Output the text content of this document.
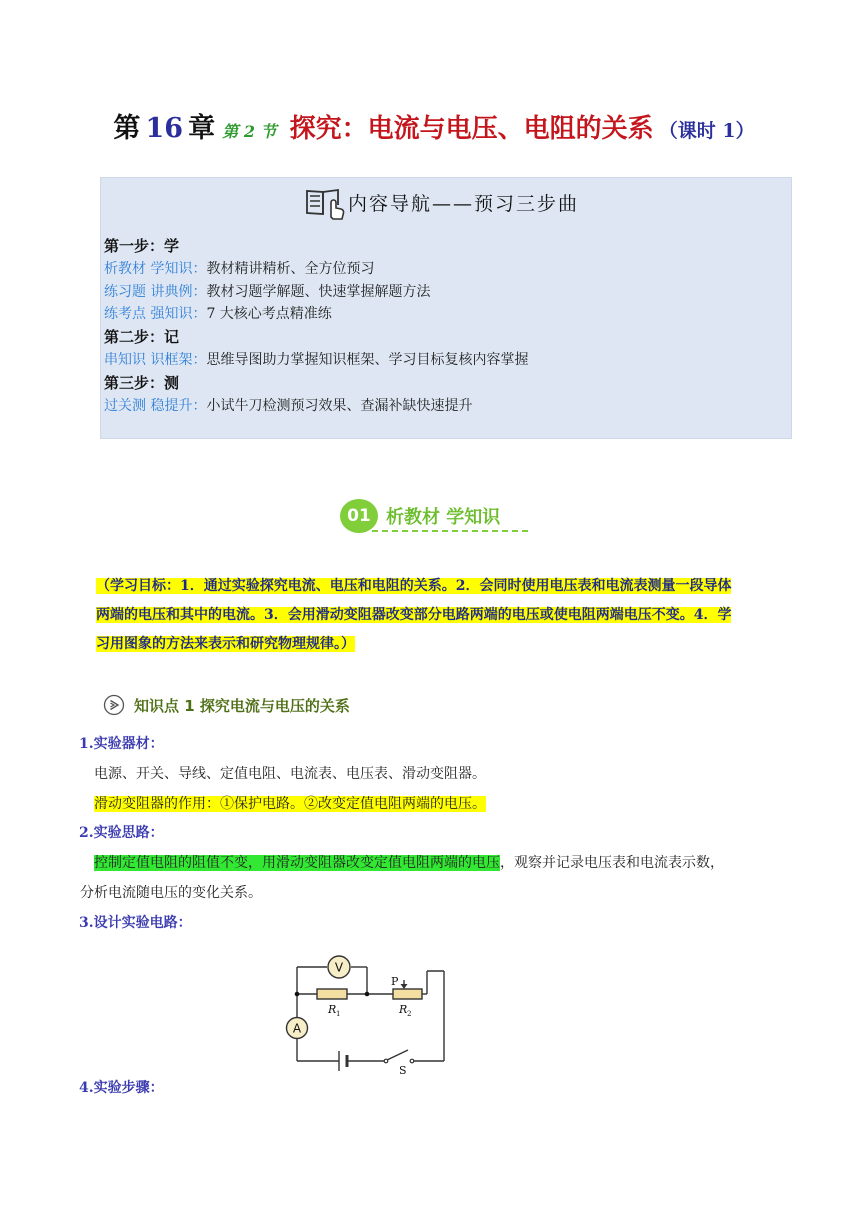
第 16 章 第 2 节 探究：电流与电压、电阻的关系 （课时 1）
内容导航——预习三步曲
第一步：学
析教材 学知识：教材精讲精析、全方位预习
练习题 讲典例：教材习题学解题、快速掌握解题方法
练考点 强知识：7 大核心考点精准练
第二步：记
串知识 识框架：思维导图助力掌握知识框架、学习目标复核内容掌握
第三步：测
过关测 稳提升：小试牛刀检测预习效果、查漏补缺快速提升
01 析教材 学知识
（学习目标：1．通过实验探究电流、电压和电阻的关系。2．会同时使用电压表和电流表测量一段导体
两端的电压和其中的电流。3．会用滑动变阻器改变部分电路两端的电压或使电阻两端电压不变。4．学
习用图象的方法来表示和研究物理规律。）
知识点 1 探究电流与电压的关系
1.实验器材：
电源、开关、导线、定值电阻、电流表、电压表、滑动变阻器。
滑动变阻器的作用：①保护电路。②改变定值电阻两端的电压。
2.实验思路：
控制定值电阻的阻值不变，用滑动变阻器改变定值电阻两端的电压，观察并记录电压表和电流表示数，
分析电流随电压的变化关系。
3.设计实验电路：
V
A
R 1	R 2
P
S
4.实验步骤：
